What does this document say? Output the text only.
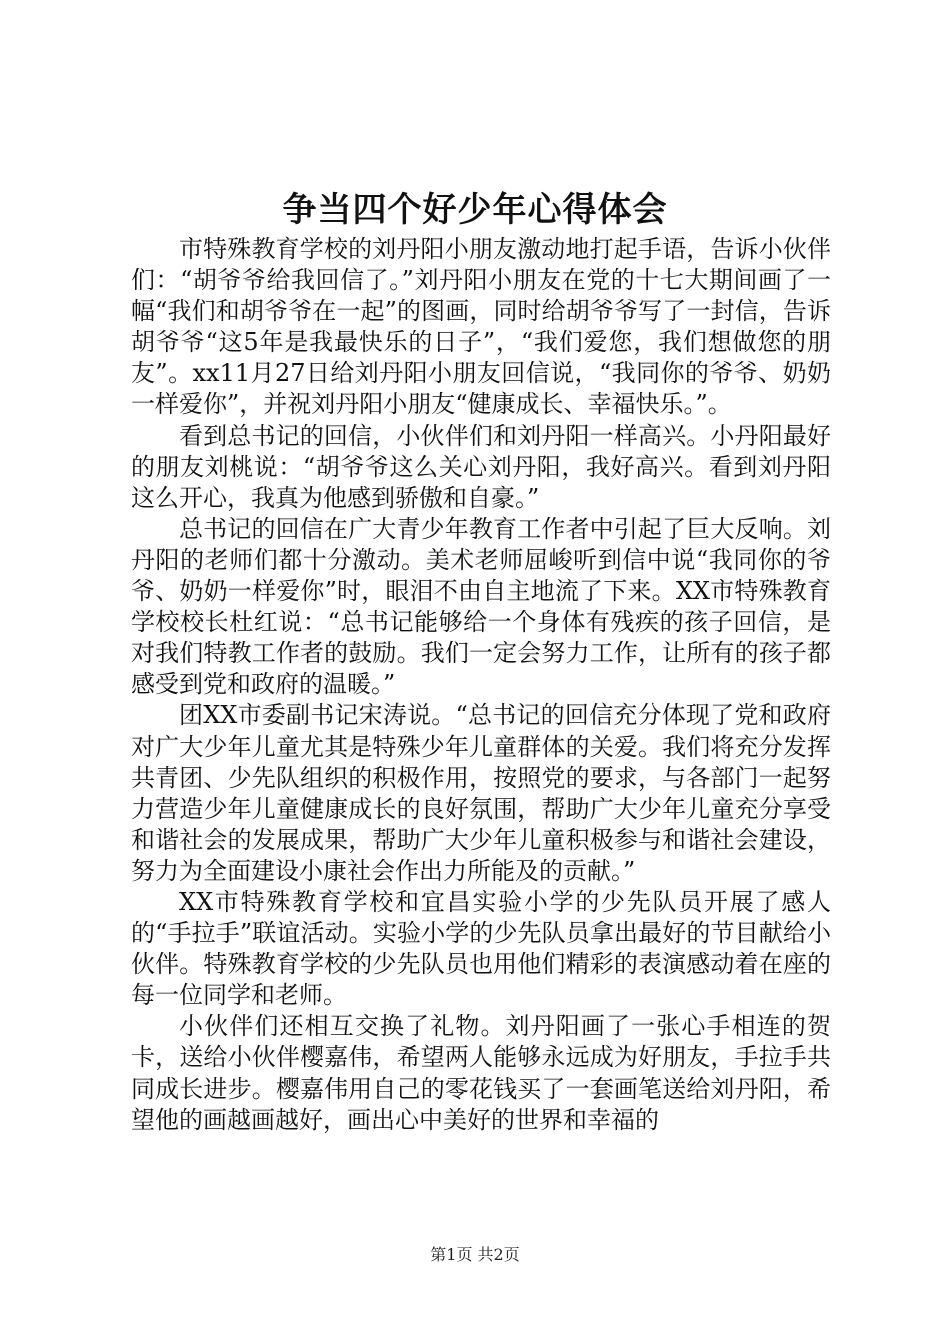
争当四个好少年心得体会

市特殊教育学校的刘丹阳小朋友激动地打起手语，告诉小伙伴们：“胡爷爷给我回信了。”刘丹阳小朋友在党的十七大期间画了一幅“我们和胡爷爷在一起”的图画，同时给胡爷爷写了一封信，告诉胡爷爷“这5年是我最快乐的日子”，“我们爱您，我们想做您的朋友”。xx11月27日给刘丹阳小朋友回信说，“我同你的爷爷、奶奶一样爱你”，并祝刘丹阳小朋友“健康成长、幸福快乐。”。

看到总书记的回信，小伙伴们和刘丹阳一样高兴。小丹阳最好的朋友刘桃说：“胡爷爷这么关心刘丹阳，我好高兴。看到刘丹阳这么开心，我真为他感到骄傲和自豪。”

总书记的回信在广大青少年教育工作者中引起了巨大反响。刘丹阳的老师们都十分激动。美术老师屈峻听到信中说“我同你的爷爷、奶奶一样爱你”时，眼泪不由自主地流了下来。XX市特殊教育学校校长杜红说：“总书记能够给一个身体有残疾的孩子回信，是对我们特教工作者的鼓励。我们一定会努力工作，让所有的孩子都感受到党和政府的温暖。”

团XX市委副书记宋涛说。“总书记的回信充分体现了党和政府对广大少年儿童尤其是特殊少年儿童群体的关爱。我们将充分发挥共青团、少先队组织的积极作用，按照党的要求，与各部门一起努力营造少年儿童健康成长的良好氛围，帮助广大少年儿童充分享受和谐社会的发展成果，帮助广大少年儿童积极参与和谐社会建设，努力为全面建设小康社会作出力所能及的贡献。”

XX市特殊教育学校和宜昌实验小学的少先队员开展了感人的“手拉手”联谊活动。实验小学的少先队员拿出最好的节目献给小伙伴。特殊教育学校的少先队员也用他们精彩的表演感动着在座的每一位同学和老师。

小伙伴们还相互交换了礼物。刘丹阳画了一张心手相连的贺卡，送给小伙伴樱嘉伟，希望两人能够永远成为好朋友，手拉手共同成长进步。樱嘉伟用自己的零花钱买了一套画笔送给刘丹阳，希望他的画越画越好，画出心中美好的世界和幸福的

第1页 共2页
